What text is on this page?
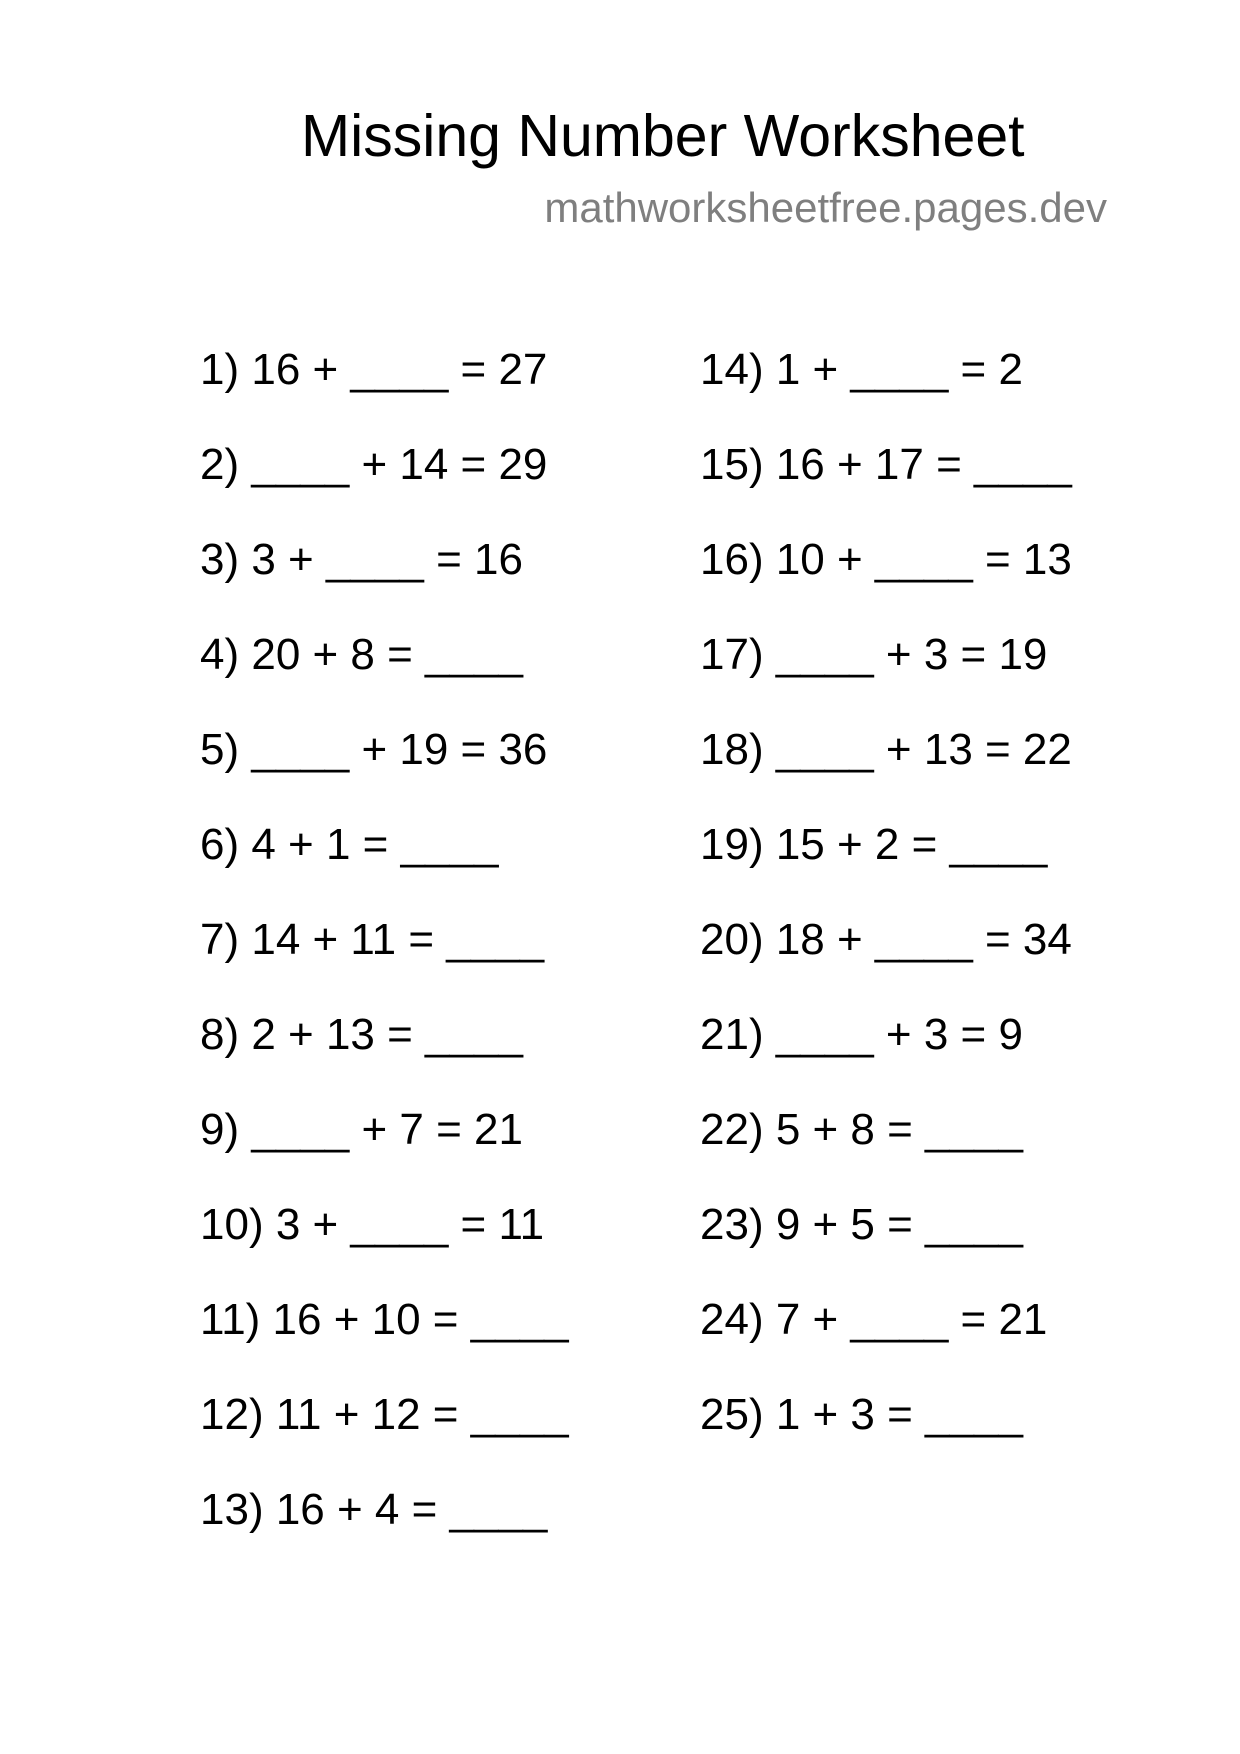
Missing Number Worksheet
mathworksheetfree.pages.dev
1) 16 + ____ = 27
2) ____ + 14 = 29
3) 3 + ____ = 16
4) 20 + 8 = ____
5) ____ + 19 = 36
6) 4 + 1 = ____
7) 14 + 11 = ____
8) 2 + 13 = ____
9) ____ + 7 = 21
10) 3 + ____ = 11
11) 16 + 10 = ____
12) 11 + 12 = ____
13) 16 + 4 = ____
14) 1 + ____ = 2
15) 16 + 17 = ____
16) 10 + ____ = 13
17) ____ + 3 = 19
18) ____ + 13 = 22
19) 15 + 2 = ____
20) 18 + ____ = 34
21) ____ + 3 = 9
22) 5 + 8 = ____
23) 9 + 5 = ____
24) 7 + ____ = 21
25) 1 + 3 = ____
